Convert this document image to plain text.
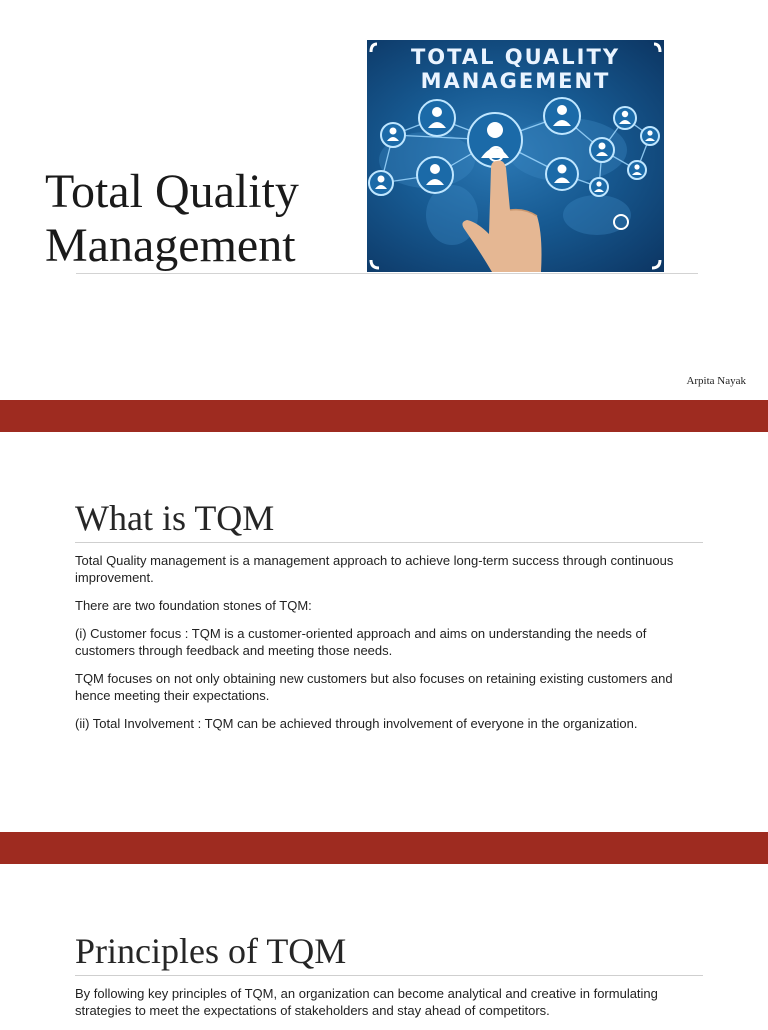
Total Quality
Management
TOTAL QUALITY
MANAGEMENT
Arpita Nayak
What is TQM

Total Quality management is a management approach to achieve long-term success through continuous improvement.

There are two foundation stones of TQM:

(i) Customer focus : TQM is a customer-oriented approach and aims on understanding the needs of customers through feedback and meeting those needs.

TQM focuses on not only obtaining new customers but also focuses on retaining existing customers and hence meeting their expectations.

(ii) Total Involvement : TQM can be achieved through involvement of everyone in the organization.

Principles of TQM

By following key principles of TQM, an organization can become analytical and creative in formulating strategies to meet the expectations of stakeholders and stay ahead of competitors.
